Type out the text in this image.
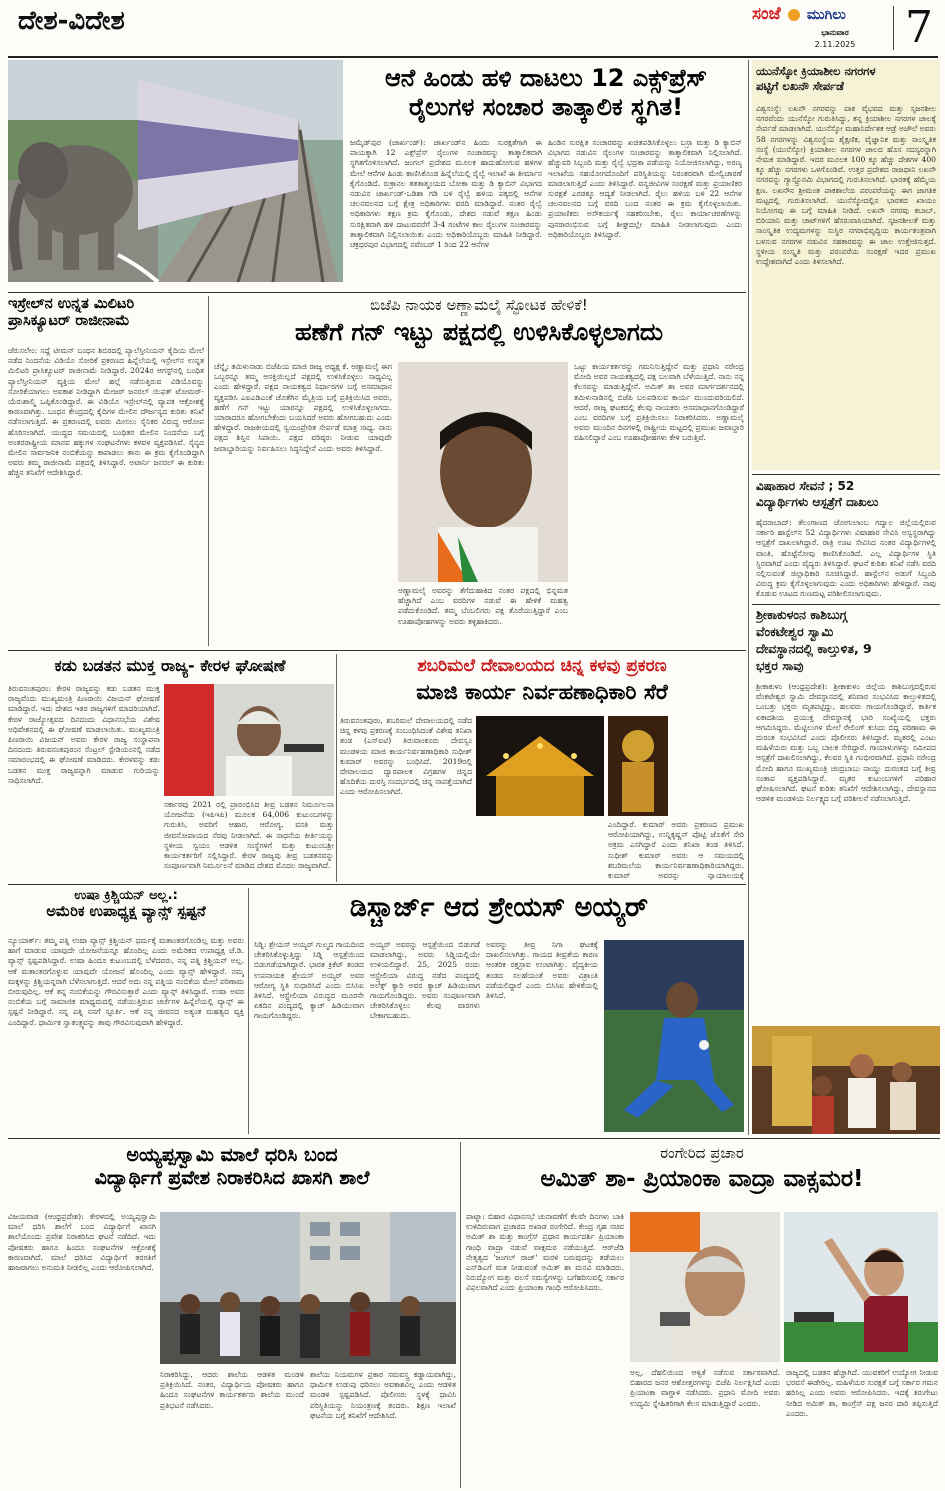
ದೇಶ-ವಿದೇಶ	ಸಂಜೆ ಮುಗಿಲು
ಭಾನುವಾರ
2.11.2025	7
ಆನೆ ಹಿಂಡು ಹಳಿ ದಾಟಲು 12 ಎಕ್ಸ್‌ಪ್ರೆಸ್
ರೈಲುಗಳ ಸಂಚಾರ ತಾತ್ಕಾಲಿಕ ಸ್ಥಗಿತ!
ಜಮ್ಶೆಡ್‌ಪುರ (ಜಾರ್ಖಂಡ್): ಜಾರ್ಖಂಡ್‌ನ ಹಿಂದು ಸುರಕ್ಷತೆಗಾಗಿ ಈ ಪಾಯಕ್ಕಾಗಿ 12 ಎಕ್ಸ್‌ಪ್ರೆಸ್ ರೈಲುಗಳ ಸಂಚಾರವನ್ನು ತಾತ್ಕಾಲಿಕವಾಗಿ ಸ್ಥಗಿತಗೊಳಿಸಲಾಗಿದೆ. ಜಂಗಲ್ ಪ್ರದೇಶದ ಮೂಲಕ ಹಾದುಹೋಗುವ ಹಳಿಗಳ ಮೇಲೆ ಆನೆಗಳ ಹಿಂಡು ಕಾಣಿಸಿಕೊಂಡ ಹಿನ್ನೆಲೆಯಲ್ಲಿ ರೈಲ್ವೆ ಇಲಾಖೆ ಈ ತೀರ್ಮಾನ ಕೈಗೊಂಡಿದೆ. ರುಕ್ರಾನಲ ತತತಾತ್ಮಂಯದ ಬೋಕಾ ಮತ್ತು ಡಿ ಕ್ಯಾಬಿನ್ ವಿಭಾಗದ ನಡುವಿನ ಜಾರ್ಖಂಡ್-ಒಡಿಶಾ ಗಡಿ ಬಳಿ ರೈಲ್ವೆ ಹಳಿಯ ಪಕ್ಕದಲ್ಲಿ ಆನೆಗಳ ಚಲನವಲನದ ಬಗ್ಗೆ ಕ್ಷೇತ್ರ ಅಧಿಕಾರಿಗಳು ವರದಿ ಮಾಡಿದ್ದಾರೆ. ನಂತರ ರೈಲ್ವೆ ಅಧಿಕಾರಿಗಳು ತಕ್ಷಣ ಕ್ರಮ ಕೈಗೊಂಡು, ದೇಶದ ನಡುವೆ ತಕ್ಷಣ ಹಿಂಡು ಸುರಕ್ಷಿತವಾಗಿ ಹಳಿ ದಾಟುವವರೆಗೆ 3-4 ಗಂಟೆಗಳ ಕಾಲ ರೈಲುಗಳ ಸಂಚಾರವನ್ನು ತಾತ್ಕಾಲಿಕವಾಗಿ ನಿಲ್ಲಿಸಲಾಯಿತು ಎಂದು ಅಧಿಕಾರಿಯೊಬ್ಬರು ಮಾಹಿತಿ ನೀಡಿದ್ದಾರೆ. ಚಕ್ರಧರಪುರ ವಿಭಾಗದಲ್ಲಿ ನವೆಂಬರ್ 1 ರಿಂದ 22 ಆನೆಗಳ
ಹಿಂಡಿನ ಸುರಕ್ಷಿತ ಸಂಚಾರವನ್ನು ಖಚಿತಪಡಿಸಿಕೊಳ್ಳಲು ಬಸ್ರಾ ಮತ್ತು ಡಿ ಕ್ಯಾಬಿನ್ ವಿಭಾಗದ ನಡುವಿನ ರೈಲುಗಳ ಸಂಚಾರವನ್ನು ತಾತ್ಕಾಲಿಕವಾಗಿ ನಿಲ್ಲಿಸಲಾಗಿದೆ. ಹೆಚ್ಚುವರಿ ಸಿಬ್ಬಂದಿ ಮತ್ತು ರೈಲ್ವೆ ಭದ್ರತಾ ಪಡೆಯನ್ನು ನಿಯೋಜಿಸಲಾಗಿದ್ದು, ಅರಣ್ಯ ಇಲಾಖೆಯ ಸಹಯೋಗದೊಂದಿಗೆ ಪರಿಸ್ಥಿತಿಯನ್ನು ನಿರಂತರವಾಗಿ ಮೇಲ್ವಿಚಾರಣೆ ಮಾಡಲಾಗುತ್ತಿದೆ ಎಂದು ತಿಳಿಸಿದ್ದಾರೆ. ವನ್ಯಜೀವಿಗಳ ಸಂರಕ್ಷಣೆ ಮತ್ತು ಪ್ರಯಾಣಿಕರ ಸುರಕ್ಷತೆ ಎರಡಕ್ಕೂ ಆದ್ಯತೆ ನೀಡಲಾಗಿದೆ. ರೈಲು ಹಳಿಯ ಬಳಿ 22 ಆನೆಗಳ ಚಲನವಲನದ ಬಗ್ಗೆ ವರದಿ ಬಂದ ನಂತರ ಈ ಕ್ರಮ ಕೈಗೊಳ್ಳಲಾಯಿತು. ಪ್ರಯಾಣಿಕರು ಅಸೌಕರ್ಯಕ್ಕೆ ಸಹಕರಿಸಬೇಕು, ರೈಲು ಕಾರ್ಯಾಚರಣೆಗಳನ್ನು ಪುನರಾರಂಭಿಸುವ ಬಗ್ಗೆ ಶೀಘ್ರದಲ್ಲೇ ಮಾಹಿತಿ ನೀಡಲಾಗುವುದು ಎಂದು ಅಧಿಕಾರಿಯೊಬ್ಬರು ತಿಳಿಸಿದ್ದಾರೆ.
ಯುನೆಸ್ಕೋ ಕ್ರಿಯಾಶೀಲ ನಗರಗಳ
ಪಟ್ಟಿಗೆ ಲಖನೌ ಸೇರ್ಪಡೆ
ವಿಶ್ವಸಂಸ್ಥೆ: ಲಖನೌ ನಗರವನ್ನು ಪಾಕ ವೈಭವದ ಮತ್ತು ಸೃಜನಶೀಲ ನಗರವೆಂದು ಯುನೆಸ್ಕೋ ಗುರುತಿಸಿದ್ದು, ತನ್ನ ಕ್ರಿಯಾಶೀಲ ನಗರಗಳ ಜಾಲಕ್ಕೆ ಸೇರ್ಪಡೆ ಮಾಡಲಾಗಿದೆ. ಯುನೆಸ್ಕೋ ಮಹಾನಿರ್ದೇಶಕ ಆಡ್ರೆ ಅಜೌಲೆ ಅವರು 58 ನಗರಗಳನ್ನು ವಿಶ್ವಸಂಸ್ಥೆಯ ಶೈಕ್ಷಣಿಕ, ವೈಜ್ಞಾನಿಕ ಮತ್ತು ಸಾಂಸ್ಕೃತಿಕ ಸಂಸ್ಥೆ (ಯುನೆಸ್ಕೋ) ಕ್ರಿಯಾಶೀಲ ನಗರಗಳ ಜಾಲದ ಹೊಸ ಸದಸ್ಯರನ್ನಾಗಿ ನೇಮಕ ಮಾಡಿದ್ದಾರೆ. ಇದರ ಮೂಲಕ 100 ಕ್ಕೂ ಹೆಚ್ಚು ದೇಶಗಳ 400 ಕ್ಕೂ ಹೆಚ್ಚು ನಗರಗಳು ಒಳಗೊಂಡಿವೆ. ಉತ್ತರ ಪ್ರದೇಶದ ರಾಜಧಾನಿ ಲಖನೌ ನಗರವನ್ನು ಗ್ಯಾಸ್ಟ್ರೊನಮಿ ವಿಭಾಗದಲ್ಲಿ ಗುರುತಿಸಲಾಗಿದೆ. ಭಾರತಕ್ಕೆ ಹೆಮ್ಮೆಯ ಕ್ಷಣ. ಲಖನೌನ ಶ್ರೀಮಂತ ಪಾಕಶಾಲೆಯ ಪರಂಪರೆಯನ್ನು ಈಗ ಜಾಗತಿಕ ಮಟ್ಟದಲ್ಲಿ ಗುರುತಿಸಲಾಗಿದೆ. ಯುನೆಸ್ಕೋದಲ್ಲಿನ ಭಾರತದ ಖಾಯಂ ನಿಯೋಗವು ಈ ಬಗ್ಗೆ ಮಾಹಿತಿ ನೀಡಿದೆ. ಲಖನೌ ನಗರವು ಕಬಾಬ್, ಬಿರಿಯಾನಿ ಮತ್ತು ಚಾಟ್‌ಗಳಿಗೆ ಹೆಸರುವಾಸಿಯಾಗಿದೆ. ಸೃಜನಶೀಲತೆ ಮತ್ತು ಸಾಂಸ್ಕೃತಿಕ ಉದ್ಯಮಗಳನ್ನು ಸುಸ್ಥಿರ ನಗರಾಭಿವೃದ್ಧಿಯ ಕಾರ್ಯತಂತ್ರವಾಗಿ ಬಳಸುವ ನಗರಗಳ ನಡುವಿನ ಸಹಕಾರವನ್ನು ಈ ಜಾಲ ಉತ್ತೇಜಿಸುತ್ತದೆ. ಸ್ಥಳೀಯ ಸಂಸ್ಕೃತಿ ಮತ್ತು ಪರಂಪರೆಯ ಸಂರಕ್ಷಣೆ ಇದರ ಪ್ರಮುಖ ಉದ್ದೇಶವಾಗಿದೆ ಎಂದು ತಿಳಿಸಲಾಗಿದೆ.
ಇಸ್ರೇಲ್‌ನ ಉನ್ನತ ಮಿಲಿಟರಿ
ಪ್ರಾಸಿಕ್ಯೂಟರ್ ರಾಜೀನಾಮೆ
ಜೆರುಸಲೇಂ: ಸದ್ದೆ ಟೀಮನ್ ಬಂಧನ ಶಿಬಿರದಲ್ಲಿ ಪ್ಯಾಲೆಸ್ತೀನಿಯನ್ ಕೈದಿಯ ಮೇಲೆ ನಡೆದ ನಿಂದನೆಯ ವಿಡಿಯೊ ಸೋರಿಕೆ ಪ್ರಕರಣದ ಹಿನ್ನೆಲೆಯಲ್ಲಿ ಇಸ್ರೇಲ್‌ನ ಉನ್ನತ ಮಿಲಿಟರಿ ಪ್ರಾಸಿಕ್ಯೂಟರ್ ರಾಜೀನಾಮೆ ನೀಡಿದ್ದಾರೆ. 2024ರ ಆಗಸ್ಟ್‌ನಲ್ಲಿ ಬಂಧಿತ ಪ್ಯಾಲೆಸ್ತೀನಿಯನ್ ವ್ಯಕ್ತಿಯ ಮೇಲೆ ಹಲ್ಲೆ ನಡೆಸುತ್ತಿರುವ ವಿಡಿಯೊವನ್ನು ಸೋರಿಕೆಯಾಗಲು ಅವಕಾಶ ನೀಡಿದ್ದಾಗಿ ಮೇಜರ್ ಜನರಲ್ ಯಿಫತ್ ಟೋಮರ್-ಯೆರುಶಾಲ್ಮಿ ಒಪ್ಪಿಕೊಂಡಿದ್ದಾರೆ. ಈ ವಿಡಿಯೊ ಇಸ್ರೇಲ್‌ನಲ್ಲಿ ವ್ಯಾಪಕ ಆಕ್ರೋಶಕ್ಕೆ ಕಾರಣವಾಗಿತ್ತು. ಬಂಧನ ಕೇಂದ್ರದಲ್ಲಿ ಕೈದಿಗಳ ಮೇಲಿನ ದೌರ್ಜನ್ಯದ ಕುರಿತು ತನಿಖೆ ನಡೆಸಲಾಗುತ್ತಿದೆ. ಈ ಪ್ರಕರಣದಲ್ಲಿ ಐವರು ಮೀಸಲು ಸೈನಿಕರ ವಿರುದ್ಧ ಆರೋಪ ಹೊರಿಸಲಾಗಿದೆ. ಯುದ್ಧದ ಸಮಯದಲ್ಲಿ ಬಂಧಿತರ ಮೇಲಿನ ನಿಂದನೆಯ ಬಗ್ಗೆ ಅಂತರರಾಷ್ಟ್ರೀಯ ಮಾನವ ಹಕ್ಕುಗಳ ಸಂಘಟನೆಗಳು ಕಳವಳ ವ್ಯಕ್ತಪಡಿಸಿವೆ. ಸೈನ್ಯದ ಮೇಲಿನ ಸಾರ್ವಜನಿಕ ನಂಬಿಕೆಯನ್ನು ಕಾಪಾಡಲು ತಾನು ಈ ಕ್ರಮ ಕೈಗೊಂಡಿದ್ದಾಗಿ ಅವರು ತಮ್ಮ ರಾಜೀನಾಮೆ ಪತ್ರದಲ್ಲಿ ತಿಳಿಸಿದ್ದಾರೆ. ಅಟಾರ್ನಿ ಜನರಲ್ ಈ ಕುರಿತು ಹೆಚ್ಚಿನ ತನಿಖೆಗೆ ಆದೇಶಿಸಿದ್ದಾರೆ.
ಬಿಜೆಪಿ ನಾಯಕ ಅಣ್ಣಾಮಲೈ ಸ್ಫೋಟಕ ಹೇಳಿಕೆ!
ಹಣೆಗೆ ಗನ್ ಇಟ್ಟು ಪಕ್ಷದಲ್ಲಿ ಉಳಿಸಿಕೊಳ್ಳಲಾಗದು
ಚೆನ್ನೈ: ತಮಿಳುನಾಡು ಬಿಜೆಪಿಯ ಮಾಜಿ ರಾಜ್ಯ ಅಧ್ಯಕ್ಷ ಕೆ. ಅಣ್ಣಾಮಲೈ ಈಗ ಒಬ್ಬರನ್ನೂ ತಮ್ಮ ಆಸಕ್ತಿಯಿಲ್ಲದೆ ಪಕ್ಷದಲ್ಲಿ ಉಳಿಸಿಕೊಳ್ಳಲು ಸಾಧ್ಯವಿಲ್ಲ ಎಂದು ಹೇಳಿದ್ದಾರೆ. ಪಕ್ಷದ ನಾಯಕತ್ವದ ನಿರ್ಧಾರಗಳ ಬಗ್ಗೆ ಅಸಮಾಧಾನ ವ್ಯಕ್ತಪಡಿಸಿ ಎಐಎಡಿಎಂಕೆ ಜೊತೆಗಿನ ಮೈತ್ರಿಯ ಬಗ್ಗೆ ಪ್ರತಿಕ್ರಿಯಿಸಿದ ಅವರು, ಹಣೆಗೆ ಗನ್ ಇಟ್ಟು ಯಾರನ್ನೂ ಪಕ್ಷದಲ್ಲಿ ಉಳಿಸಿಕೊಳ್ಳಲಾಗದು. ಯಾರಾದರೂ ಹೋಗಬೇಕೆಂದು ಬಯಸಿದರೆ ಅವರು ಹೋಗಬಹುದು ಎಂದು ಹೇಳಿದ್ದಾರೆ. ರಾಜಕೀಯದಲ್ಲಿ ಸ್ವಯಂಪ್ರೇರಿತ ಸೇರ್ಪಡೆ ಮಾತ್ರ ಸಾಧ್ಯ. ನಾನು ಪಕ್ಷದ ಶಿಸ್ತಿನ ಸಿಪಾಯಿ. ಪಕ್ಷದ ವರಿಷ್ಠರು ನೀಡುವ ಯಾವುದೇ ಜವಾಬ್ದಾರಿಯನ್ನು ನಿರ್ವಹಿಸಲು ಸಿದ್ಧನಿದ್ದೇನೆ ಎಂದು ಅವರು ತಿಳಿಸಿದ್ದಾರೆ.
ಅಣ್ಣಾಮಲೈ ಅವರನ್ನು ತೆಗೆದುಹಾಕಿದ ನಂತರ ಪಕ್ಷದಲ್ಲಿ ಭಿನ್ನಮತ ಹೆಚ್ಚಾಗಿದೆ ಎಂಬ ವರದಿಗಳ ನಡುವೆ ಈ ಹೇಳಿಕೆ ಮಹತ್ವ ಪಡೆದುಕೊಂಡಿದೆ. ತಮ್ಮ ಬೆಂಬಲಿಗರು ಪಕ್ಷ ತೊರೆಯುತ್ತಿದ್ದಾರೆ ಎಂಬ ಊಹಾಪೋಹಗಳನ್ನು ಅವರು ತಳ್ಳಿಹಾಕಿದರು.
ಒಟ್ಟು ಕಾರ್ಯಕರ್ತರನ್ನು ಗಮನಿಸುತ್ತಿದ್ದೇನೆ ಮತ್ತು ಪ್ರಧಾನಿ ನರೇಂದ್ರ ಮೋದಿ ಅವರ ನಾಯಕತ್ವದಲ್ಲಿ ಪಕ್ಷ ಬಲವಾಗಿ ಬೆಳೆಯುತ್ತಿದೆ. ನಾನು ನನ್ನ ಕೆಲಸವನ್ನು ಮಾಡುತ್ತಿದ್ದೇನೆ. ಅಮಿತ್ ಶಾ ಅವರ ಮಾರ್ಗದರ್ಶನದಲ್ಲಿ ತಮಿಳುನಾಡಿನಲ್ಲಿ ಬಿಜೆಪಿ ಬಲಪಡಿಸುವ ಕಾರ್ಯ ಮುಂದುವರಿಯಲಿದೆ. ಆದರೆ, ರಾಜ್ಯ ಘಟಕದಲ್ಲಿ ಕೆಲವು ನಾಯಕರು ಅಸಮಾಧಾನಗೊಂಡಿದ್ದಾರೆ ಎಂಬ ವರದಿಗಳ ಬಗ್ಗೆ ಪ್ರತಿಕ್ರಿಯಿಸಲು ನಿರಾಕರಿಸಿದರು. ಅಣ್ಣಾಮಲೈ ಅವರು ಮುಂದಿನ ದಿನಗಳಲ್ಲಿ ರಾಷ್ಟ್ರೀಯ ಮಟ್ಟದಲ್ಲಿ ಪ್ರಮುಖ ಜವಾಬ್ದಾರಿ ವಹಿಸಲಿದ್ದಾರೆ ಎಂಬ ಊಹಾಪೋಹಗಳು ಕೇಳಿ ಬರುತ್ತಿವೆ.
ವಿಷಾಹಾರ ಸೇವನೆ ; 52
ವಿದ್ಯಾರ್ಥಿಗಳು ಆಸ್ಪತ್ರೆಗೆ ದಾಖಲು
ಹೈದರಾಬಾದ್: ತೆಲಂಗಾಣದ ಜೋಗುಲಾಂಬ ಗದ್ವಾಲ ಜಿಲ್ಲೆಯಲ್ಲಿರುವ ಸರ್ಕಾರಿ ಹಾಸ್ಟೆಲ್‌ನ 52 ವಿದ್ಯಾರ್ಥಿಗಳು ವಿಷಾಹಾರ ಸೇವಿಸಿ ಅಸ್ವಸ್ಥರಾಗಿದ್ದು ಆಸ್ಪತ್ರೆಗೆ ದಾಖಲಾಗಿದ್ದಾರೆ. ರಾತ್ರಿ ಊಟ ಸೇವಿಸಿದ ನಂತರ ವಿದ್ಯಾರ್ಥಿಗಳಲ್ಲಿ ವಾಂತಿ, ಹೊಟ್ಟೆನೋವು ಕಾಣಿಸಿಕೊಂಡಿದೆ. ಎಲ್ಲ ವಿದ್ಯಾರ್ಥಿಗಳ ಸ್ಥಿತಿ ಸ್ಥಿರವಾಗಿದೆ ಎಂದು ವೈದ್ಯರು ತಿಳಿಸಿದ್ದಾರೆ. ಘಟನೆ ಕುರಿತು ತನಿಖೆ ನಡೆಸಿ ವರದಿ ಸಲ್ಲಿಸುವಂತೆ ಜಿಲ್ಲಾಧಿಕಾರಿ ಸೂಚಿಸಿದ್ದಾರೆ. ಹಾಸ್ಟೆಲ್‌ನ ಅಡುಗೆ ಸಿಬ್ಬಂದಿ ವಿರುದ್ಧ ಕ್ರಮ ಕೈಗೊಳ್ಳಲಾಗುವುದು ಎಂದು ಅಧಿಕಾರಿಗಳು ಹೇಳಿದ್ದಾರೆ. ನಾವು ಕೊಡುವ ಊಟದ ಗುಣಮಟ್ಟ ಪರಿಶೀಲಿಸಲಾಗುವುದು.
ಶ್ರೀಕಾಕುಳಂನ ಕಾಶಿಬುಗ್ಗ
ವೆಂಕಟೇಶ್ವರ ಸ್ವಾಮಿ
ದೇವಸ್ಥಾನದಲ್ಲಿ ಕಾಲ್ತುಳಿತ, 9
ಭಕ್ತರ ಸಾವು
ಶ್ರೀಕಾಕುಳಂ (ಆಂಧ್ರಪ್ರದೇಶ): ಶ್ರೀಕಾಕುಳಂ ಜಿಲ್ಲೆಯ ಕಾಶಿಬುಗ್ಗದಲ್ಲಿರುವ ವೆಂಕಟೇಶ್ವರ ಸ್ವಾಮಿ ದೇವಸ್ಥಾನದಲ್ಲಿ ಶನಿವಾರ ಸಂಭವಿಸಿದ ಕಾಲ್ತುಳಿತದಲ್ಲಿ ಒಂಬತ್ತು ಭಕ್ತರು ಮೃತಪಟ್ಟಿದ್ದು, ಹಲವರು ಗಾಯಗೊಂಡಿದ್ದಾರೆ. ಕಾರ್ತಿಕ ಏಕಾದಶಿಯ ಪ್ರಯುಕ್ತ ದೇವಸ್ಥಾನಕ್ಕೆ ಭಾರಿ ಸಂಖ್ಯೆಯಲ್ಲಿ ಭಕ್ತರು ಆಗಮಿಸಿದ್ದರು. ಮೆಟ್ಟಿಲುಗಳ ಮೇಲೆ ರೇಲಿಂಗ್ ಕುಸಿದು ಬಿದ್ದ ಪರಿಣಾಮ ಈ ದುರಂತ ಸಂಭವಿಸಿದೆ ಎಂದು ಪೊಲೀಸರು ತಿಳಿಸಿದ್ದಾರೆ. ಮೃತರಲ್ಲಿ ಎಂಟು ಮಹಿಳೆಯರು ಮತ್ತು ಒಬ್ಬ ಬಾಲಕ ಸೇರಿದ್ದಾರೆ. ಗಾಯಾಳುಗಳನ್ನು ಸಮೀಪದ ಆಸ್ಪತ್ರೆಗೆ ದಾಖಲಿಸಲಾಗಿದ್ದು, ಕೆಲವರ ಸ್ಥಿತಿ ಗಂಭೀರವಾಗಿದೆ. ಪ್ರಧಾನಿ ನರೇಂದ್ರ ಮೋದಿ ಹಾಗೂ ಮುಖ್ಯಮಂತ್ರಿ ಚಂದ್ರಬಾಬು ನಾಯ್ಡು ದುರಂತದ ಬಗ್ಗೆ ತೀವ್ರ ಸಂತಾಪ ವ್ಯಕ್ತಪಡಿಸಿದ್ದಾರೆ. ಮೃತರ ಕುಟುಂಬಗಳಿಗೆ ಪರಿಹಾರ ಘೋಷಿಸಲಾಗಿದೆ. ಘಟನೆ ಕುರಿತು ತನಿಖೆಗೆ ಆದೇಶಿಸಲಾಗಿದ್ದು, ದೇವಸ್ಥಾನದ ಆಡಳಿತ ಮಂಡಳಿಯ ನಿರ್ಲಕ್ಷ್ಯದ ಬಗ್ಗೆ ಪರಿಶೀಲನೆ ನಡೆಸಲಾಗುತ್ತಿದೆ.
ಕಡು ಬಡತನ ಮುಕ್ತ ರಾಜ್ಯ- ಕೇರಳ ಘೋಷಣೆ
ತಿರುವನಂತಪುರಂ: ಕೇರಳ ರಾಜ್ಯವನ್ನು ಕಡು ಬಡತನ ಮುಕ್ತ ರಾಜ್ಯವೆಂದು ಮುಖ್ಯಮಂತ್ರಿ ಪಿಣರಾಯಿ ವಿಜಯನ್ ಘೋಷಣೆ ಮಾಡಿದ್ದಾರೆ. ಇದು ದೇಶದ ಇತರ ರಾಜ್ಯಗಳಿಗೆ ಮಾದರಿಯಾಗಿದೆ. ಕೇರಳ ರಾಜ್ಯೋತ್ಸವದ ದಿನದಂದು ವಿಧಾನಸಭೆಯ ವಿಶೇಷ ಅಧಿವೇಶನದಲ್ಲಿ ಈ ಘೋಷಣೆ ಮಾಡಲಾಯಿತು. ಮುಖ್ಯಮಂತ್ರಿ ಪಿಣರಾಯಿ ವಿಜಯನ್ ಅವರು ಕೇರಳ ರಾಜ್ಯ ಸಂಸ್ಥಾಪನಾ ದಿನದಂದು ತಿರುವನಂತಪುರಂನ ಸೆಂಟ್ರಲ್ ಸ್ಟೇಡಿಯಂನಲ್ಲಿ ನಡೆದ ಸಮಾರಂಭದಲ್ಲಿ ಈ ಘೋಷಣೆ ಮಾಡಿದರು. ಕೇರಳವನ್ನು ಕಡು ಬಡತನ ಮುಕ್ತ ರಾಜ್ಯವನ್ನಾಗಿ ಮಾಡುವ ಗುರಿಯನ್ನು ಸಾಧಿಸಲಾಗಿದೆ.
ಸರ್ಕಾರವು 2021 ರಲ್ಲಿ ಪ್ರಾರಂಭಿಸಿದ ತೀವ್ರ ಬಡತನ ನಿರ್ಮೂಲನಾ ಯೋಜನೆಯ (ಇಪಿಇಪಿ) ಮೂಲಕ 64,006 ಕುಟುಂಬಗಳನ್ನು ಗುರುತಿಸಿ, ಅವರಿಗೆ ಆಹಾರ, ಆರೋಗ್ಯ, ವಸತಿ ಮತ್ತು ಜೀವನೋಪಾಯದ ನೆರವು ನೀಡಲಾಗಿದೆ. ಈ ಸಾಧನೆಯ ಕೀರ್ತಿಯನ್ನು ಸ್ಥಳೀಯ ಸ್ವಯಂ ಆಡಳಿತ ಸಂಸ್ಥೆಗಳಿಗೆ ಮತ್ತು ಕುಟುಂಬಶ್ರೀ ಕಾರ್ಯಕರ್ತರಿಗೆ ಸಲ್ಲಿಸಿದ್ದಾರೆ. ಕೇರಳ ರಾಜ್ಯವು ತೀವ್ರ ಬಡತನವನ್ನು ಸಂಪೂರ್ಣವಾಗಿ ನಿರ್ಮೂಲನೆ ಮಾಡಿದ ದೇಶದ ಮೊದಲ ರಾಜ್ಯವಾಗಿದೆ.
ಶಬರಿಮಲೆ ದೇವಾಲಯದ ಚಿನ್ನ ಕಳವು ಪ್ರಕರಣ
ಮಾಜಿ ಕಾರ್ಯ ನಿರ್ವಹಣಾಧಿಕಾರಿ ಸೆರೆ
ತಿರುವನಂತಪುರಂ, ಶಬರಿಮಲೆ ದೇವಾಲಯದಲ್ಲಿ ನಡೆದ ಚಿನ್ನ ಕಳವು ಪ್ರಕರಣಕ್ಕೆ ಸಂಬಂಧಿಸಿದಂತೆ ವಿಶೇಷ ತನಿಖಾ ತಂಡ (ಎಸ್‌ಐಟಿ) ತಿರುವಾಂಕೂರು ದೇವಸ್ವಂ ಮಂಡಳಿಯ ಮಾಜಿ ಕಾರ್ಯನಿರ್ವಹಣಾಧಿಕಾರಿ ಸುಧೀಶ್ ಕುಮಾರ್ ಅವರನ್ನು ಬಂಧಿಸಿದೆ. 2019ರಲ್ಲಿ ದೇವಾಲಯದ ದ್ವಾರಪಾಲಕ ವಿಗ್ರಹಗಳ ಚಿನ್ನದ ಹೊದಿಕೆಯ ದುರಸ್ತಿ ಸಂದರ್ಭದಲ್ಲಿ ಚಿನ್ನ ನಾಪತ್ತೆಯಾಗಿದೆ ಎಂದು ಆರೋಪಿಸಲಾಗಿದೆ.
ಎಂದಿದ್ದಾರೆ. ಕುಮಾರ್ ಅವರು ಪ್ರಕರಣದ ಪ್ರಮುಖ ಆರೋಪಿಯಾಗಿದ್ದು, ಉನ್ನಿಕೃಷ್ಣನ್ ಪೊಟ್ಟಿ ಜೊತೆಗೆ ಸೇರಿ ಅಕ್ರಮ ಎಸಗಿದ್ದಾರೆ ಎಂದು ತನಿಖಾ ತಂಡ ತಿಳಿಸಿದೆ. ಸುಧೀಶ್ ಕುಮಾರ್ ಅವರು ಆ ಸಮಯದಲ್ಲಿ ಶಬರಿಮಲೆಯ ಕಾರ್ಯನಿರ್ವಹಣಾಧಿಕಾರಿಯಾಗಿದ್ದರು. ಕುಮಾರ್ ಅವರನ್ನು ನ್ಯಾಯಾಲಯಕ್ಕೆ
ಉಷಾ ಕ್ರಿಶ್ಚಿಯನ್ ಅಲ್ಲ.:
ಅಮೆರಿಕ ಉಪಾಧ್ಯಕ್ಷ ವ್ಯಾನ್ಸ್ ಸ್ಪಷ್ಟನೆ
ನ್ಯೂಯಾರ್ಕ್: ತಮ್ಮ ಪತ್ನಿ ಉಷಾ ವ್ಯಾನ್ಸ್ ಕ್ರಿಶ್ಚಿಯನ್ ಧರ್ಮಕ್ಕೆ ಮತಾಂತರಗೊಂಡಿಲ್ಲ ಮತ್ತು ಅವರು ಹಾಗೆ ಮಾಡುವ ಯಾವುದೇ ಯೋಜನೆಯನ್ನೂ ಹೊಂದಿಲ್ಲ ಎಂದು ಅಮೆರಿಕದ ಉಪಾಧ್ಯಕ್ಷ ಜೆ.ಡಿ. ವ್ಯಾನ್ಸ್ ಸ್ಪಷ್ಟಪಡಿಸಿದ್ದಾರೆ. ಉಷಾ ಹಿಂದೂ ಕುಟುಂಬದಲ್ಲಿ ಬೆಳೆದವರು, ನನ್ನ ಪತ್ನಿ ಕ್ರಿಶ್ಚಿಯನ್ ಅಲ್ಲ. ಆಕೆ ಮತಾಂತರಗೊಳ್ಳುವ ಯಾವುದೇ ಯೋಜನೆ ಹೊಂದಿಲ್ಲ ಎಂದು ವ್ಯಾನ್ಸ್ ಹೇಳಿದ್ದಾರೆ. ನಮ್ಮ ಮಕ್ಕಳನ್ನು ಕ್ರಿಶ್ಚಿಯನ್ನರಾಗಿ ಬೆಳೆಸಲಾಗುತ್ತಿದೆ. ಆದರೆ ಅದು ನನ್ನ ಪತ್ನಿಯ ನಂಬಿಕೆಯ ಮೇಲೆ ಪರಿಣಾಮ ಬೀರುವುದಿಲ್ಲ. ಆಕೆ ತನ್ನ ನಂಬಿಕೆಯನ್ನು ಗೌರವಿಸುತ್ತಾರೆ ಎಂದು ವ್ಯಾನ್ಸ್ ತಿಳಿಸಿದ್ದಾರೆ. ಉಷಾ ಅವರ ನಂಬಿಕೆಯ ಬಗ್ಗೆ ಸಾಮಾಜಿಕ ಮಾಧ್ಯಮದಲ್ಲಿ ನಡೆಯುತ್ತಿರುವ ಚರ್ಚೆಗಳ ಹಿನ್ನೆಲೆಯಲ್ಲಿ ವ್ಯಾನ್ಸ್ ಈ ಸ್ಪಷ್ಟನೆ ನೀಡಿದ್ದಾರೆ. ನನ್ನ ಪತ್ನಿ ನನಗೆ ಸ್ಫೂರ್ತಿ. ಆಕೆ ನನ್ನ ಜೀವನದ ಅತ್ಯಂತ ಮಹತ್ವದ ವ್ಯಕ್ತಿ ಎಂದಿದ್ದಾರೆ. ಧಾರ್ಮಿಕ ಸ್ವಾತಂತ್ರ್ಯವನ್ನು ತಾವು ಗೌರವಿಸುವುದಾಗಿ ಹೇಳಿದ್ದಾರೆ.
ಡಿಸ್ಚಾರ್ಜ್ ಆದ ಶ್ರೇಯಸ್ ಅಯ್ಯರ್
ಸಿಡ್ನಿ: ಶ್ರೇಯಸ್ ಅಯ್ಯರ್ ಗುಲ್ಮದ ಗಾಯದಿಂದ ಚೇತರಿಸಿಕೊಳ್ಳುತ್ತಿದ್ದು ಸಿಡ್ನಿ ಆಸ್ಪತ್ರೆಯಿಂದ ಬಿಡುಗಡೆಯಾಗಿದ್ದಾರೆ. ಭಾರತ ಕ್ರಿಕೆಟ್ ತಂಡದ ಉಪನಾಯಕ ಶ್ರೇಯಸ್ ಅಯ್ಯರ್ ಅವರ ಆರೋಗ್ಯ ಸ್ಥಿತಿ ಸುಧಾರಿಸಿದೆ ಎಂದು ಬಿಸಿಸಿಐ ತಿಳಿಸಿದೆ. ಆಸ್ಟ್ರೇಲಿಯಾ ವಿರುದ್ಧದ ಮೂರನೇ ಏಕದಿನ ಪಂದ್ಯದಲ್ಲಿ ಕ್ಯಾಚ್ ಹಿಡಿಯುವಾಗ ಗಾಯಗೊಂಡಿದ್ದರು.
ಅಯ್ಯರ್ ಅವರನ್ನು ಆಸ್ಪತ್ರೆಯಿಂದ ಬಿಡುಗಡೆ ಮಾಡಲಾಗಿದ್ದು, ಅವರು ಸಿಡ್ನಿಯಲ್ಲಿಯೇ ಉಳಿಯಲಿದ್ದಾರೆ. 25, 2025 ರಂದು ಆಸ್ಟ್ರೇಲಿಯಾ ವಿರುದ್ಧ ನಡೆದ ಪಂದ್ಯದಲ್ಲಿ ಅಲೆಕ್ಸ್ ಕ್ಯಾರಿ ಅವರ ಕ್ಯಾಚ್ ಹಿಡಿಯುವಾಗ ಗಾಯಗೊಂಡಿದ್ದರು. ಅವರು ಸಂಪೂರ್ಣವಾಗಿ ಚೇತರಿಸಿಕೊಳ್ಳಲು ಕೆಲವು ವಾರಗಳು ಬೇಕಾಗಬಹುದು.
ಅವರನ್ನು ತೀವ್ರ ನಿಗಾ ಘಟಕಕ್ಕೆ ದಾಖಲಿಸಲಾಗಿತ್ತು. ಗಾಯದ ತೀವ್ರತೆಯ ಕಾರಣ ಆಂತರಿಕ ರಕ್ತಸ್ರಾವ ಉಂಟಾಗಿತ್ತು. ವೈದ್ಯಕೀಯ ತಂಡದ ಸಲಹೆಯಂತೆ ಅವರು ವಿಶ್ರಾಂತಿ ಪಡೆಯಲಿದ್ದಾರೆ ಎಂದು ಬಿಸಿಸಿಐ ಹೇಳಿಕೆಯಲ್ಲಿ ತಿಳಿಸಿದೆ.
ಅಯ್ಯಪ್ಪಸ್ವಾಮಿ ಮಾಲೆ ಧರಿಸಿ ಬಂದ
ವಿದ್ಯಾರ್ಥಿಗೆ ಪ್ರವೇಶ ನಿರಾಕರಿಸಿದ ಖಾಸಗಿ ಶಾಲೆ
ವಿಜಯವಾಡ (ಆಂಧ್ರಪ್ರದೇಶ): ಕೇರಳದಲ್ಲಿ ಅಯ್ಯಪ್ಪಸ್ವಾಮಿ ಮಾಲೆ ಧರಿಸಿ ಶಾಲೆಗೆ ಬಂದ ವಿದ್ಯಾರ್ಥಿಗೆ ಖಾಸಗಿ ಶಾಲೆಯೊಂದು ಪ್ರವೇಶ ನಿರಾಕರಿಸಿದ ಘಟನೆ ನಡೆದಿದೆ. ಇದು ಪೋಷಕರು ಹಾಗೂ ಹಿಂದೂ ಸಂಘಟನೆಗಳ ಆಕ್ರೋಶಕ್ಕೆ ಕಾರಣವಾಗಿದೆ. ಮಾಲೆ ಧರಿಸಿದ ವಿದ್ಯಾರ್ಥಿಗೆ ತರಗತಿಗೆ ಹಾಜರಾಗಲು ಅನುಮತಿ ನೀಡಲಿಲ್ಲ ಎಂದು ಆರೋಪಿಸಲಾಗಿದೆ.
ನಿರಾಕರಿಸಿದ್ದು, ಆದರು ಶಾಲೆಯ ಆಡಳಿತ ಮಂಡಳಿ ಪ್ರತಿಕ್ರಿಯಿಸಿದೆ. ನಂತರ, ವಿದ್ಯಾರ್ಥಿಯ ಪೋಷಕರು ಹಾಗೂ ಹಿಂದೂ ಸಂಘಟನೆಗಳ ಕಾರ್ಯಕರ್ತರು ಶಾಲೆಯ ಮುಂದೆ ಪ್ರತಿಭಟನೆ ನಡೆಸಿದರು.
ಶಾಲೆಯ ನಿಯಮಗಳ ಪ್ರಕಾರ ಸಮವಸ್ತ್ರ ಕಡ್ಡಾಯವಾಗಿದ್ದು, ಧಾರ್ಮಿಕ ಉಡುಪು ಧರಿಸಲು ಅವಕಾಶವಿಲ್ಲ ಎಂದು ಆಡಳಿತ ಮಂಡಳಿ ಸ್ಪಷ್ಟಪಡಿಸಿದೆ. ಪೊಲೀಸರು ಸ್ಥಳಕ್ಕೆ ಧಾವಿಸಿ ಪರಿಸ್ಥಿತಿಯನ್ನು ನಿಯಂತ್ರಣಕ್ಕೆ ತಂದರು. ಶಿಕ್ಷಣ ಇಲಾಖೆ ಘಟನೆಯ ಬಗ್ಗೆ ತನಿಖೆಗೆ ಆದೇಶಿಸಿದೆ.
ರಂಗೇರಿದ ಪ್ರಚಾರ
ಅಮಿತ್ ಶಾ- ಪ್ರಿಯಾಂಕಾ ವಾದ್ರಾ ವಾಕ್ಸಮರ!
ಪಾಟ್ನಾ: ಬಿಹಾರ ವಿಧಾನಸಭೆ ಚುನಾವಣೆಗೆ ಕೆಲವೇ ದಿನಗಳು ಬಾಕಿ ಉಳಿದಿರುವಾಗ ಪ್ರಚಾರದ ಅಖಾಡ ರಂಗೇರಿದೆ. ಕೇಂದ್ರ ಗೃಹ ಸಚಿವ ಅಮಿತ್ ಶಾ ಮತ್ತು ಕಾಂಗ್ರೆಸ್ ಪ್ರಧಾನ ಕಾರ್ಯದರ್ಶಿ ಪ್ರಿಯಾಂಕಾ ಗಾಂಧಿ ವಾದ್ರಾ ನಡುವೆ ವಾಕ್ಸಮರ ನಡೆಯುತ್ತಿದೆ. ಆರ್‌ಜೆಡಿ ನೇತೃತ್ವದ 'ಜಂಗಲ್ ರಾಜ್' ಮರಳಿ ಬರುವುದನ್ನು ತಡೆಯಲು ಎನ್‌ಡಿಎಗೆ ಮತ ನೀಡುವಂತೆ ಅಮಿತ್ ಶಾ ಮನವಿ ಮಾಡಿದರು. ನಿರುದ್ಯೋಗ ಮತ್ತು ವಲಸೆ ಸಮಸ್ಯೆಗಳನ್ನು ಬಗೆಹರಿಸುವಲ್ಲಿ ಸರ್ಕಾರ ವಿಫಲವಾಗಿದೆ ಎಂದು ಪ್ರಿಯಾಂಕಾ ಗಾಂಧಿ ಆರೋಪಿಸಿದರು.
ಅಲ್ಲ, ದೆಹಲಿಯಿಂದ ಆಳ್ವಿಕೆ ನಡೆಸುವ ಸರ್ಕಾರವಾಗಿದೆ. ಬಿಹಾರದ ಜನರ ಆಶೋತ್ತರಗಳನ್ನು ಬಿಜೆಪಿ ನಿರ್ಲಕ್ಷಿಸಿದೆ ಎಂದು ಪ್ರಿಯಾಂಕಾ ವಾಗ್ದಾಳಿ ನಡೆಸಿದರು. ಪ್ರಧಾನಿ ಮೋದಿ ಅವರು ಉದ್ಯಮಿ ಸ್ನೇಹಿತರಿಗಾಗಿ ಕೆಲಸ ಮಾಡುತ್ತಿದ್ದಾರೆ ಎಂದರು.
ರಾಜ್ಯದಲ್ಲಿ ಬಡತನ ಹೆಚ್ಚಾಗಿದೆ. ಯುವಕರಿಗೆ ಉದ್ಯೋಗ ನೀಡುವ ಭರವಸೆ ಈಡೇರಿಲ್ಲ. ಮಹಿಳೆಯರ ಸುರಕ್ಷತೆ ಬಗ್ಗೆ ಸರ್ಕಾರ ಗಮನ ಹರಿಸಿಲ್ಲ ಎಂದು ಅವರು ಆರೋಪಿಸಿದರು. ಇದಕ್ಕೆ ತಿರುಗೇಟು ನೀಡಿದ ಅಮಿತ್ ಶಾ, ಕಾಂಗ್ರೆಸ್ ಪಕ್ಷ ಜನರ ದಾರಿ ತಪ್ಪಿಸುತ್ತಿದೆ ಎಂದರು.
